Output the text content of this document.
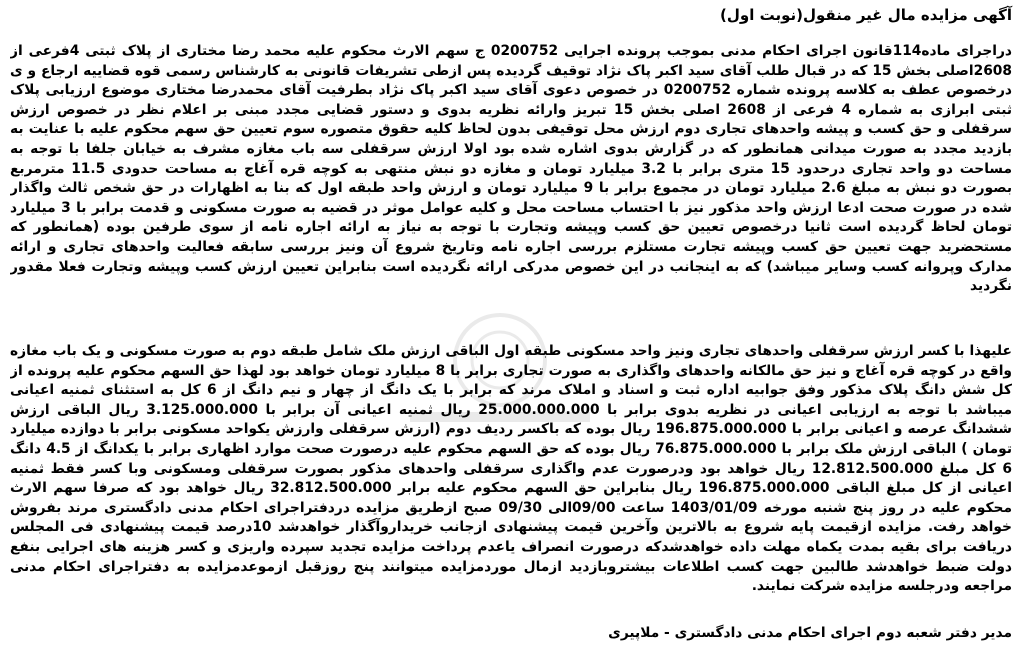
آگهی مزایده مال غیر منقول(نوبت اول)

دراجرای ماده114قانون اجرای احکام مدنی بموجب پرونده اجرایی 0200752 ج سهم الارث محکوم علیه محمد رضا مختاری از پلاک ثبتی 4فرعی از 2608اصلی بخش 15 که در قبال طلب آقای سید اکبر پاک نژاد توقیف گردیده پس ازطی تشریفات قانونی به کارشناس رسمی قوه قضاییه ارجاع و ی درخصوص عطف به کلاسه پرونده شماره 0200752 در خصوص دعوی آقای سید اکبر پاک نژاد بطرفیت آقای محمدرضا مختاری موضوع ارزیابی پلاک ثبتی ابرازی به شماره 4 فرعی از 2608 اصلی بخش 15 تبریز وارائه نظریه بدوی و دستور قضایی مجدد مبنی بر اعلام نظر در خصوص ارزش سرقفلی و حق کسب و پیشه واحدهای تجاری دوم ارزش محل توقیفی بدون لحاظ کلیه حقوق متصوره سوم تعیین حق سهم محکوم علیه با عنایت به بازدید مجدد به صورت میدانی همانطور که در گزارش بدوی اشاره شده بود اولا ارزش سرقفلی سه باب مغازه مشرف به خیابان جلفا با توجه به مساحت دو واحد تجاری درحدود 15 متری برابر با 3.2 میلیارد تومان و مغازه دو نبش منتهی به کوچه قره آغاج به مساحت حدودی 11.5 مترمربع بصورت دو نبش به مبلغ 2.6 میلیارد تومان در مجموع برابر با 9 میلیارد تومان و ارزش واحد طبقه اول که بنا به اظهارات در حق شخص ثالث واگذار شده در صورت صحت ادعا ارزش واحد مذکور نیز با احتساب مساحت محل و کلیه عوامل موثر در قضیه به صورت مسکونی و قدمت برابر با 3 میلیارد تومان لحاظ گردیده است ثانیا درخصوص تعیین حق کسب وپیشه وتجارت با توجه به نیاز به ارائه اجاره نامه از سوی طرفین بوده (همانطور که مستحضرید جهت تعیین حق کسب وپیشه تجارت مستلزم بررسی اجاره نامه وتاریخ شروع آن ونیز بررسی سابقه فعالیت واحدهای تجاری و ارائه مدارک وپروانه کسب وسایر میباشد) که به اینجانب در این خصوص مدرکی ارائه نگردیده است بنابراین تعیین ارزش کسب وپیشه وتجارت فعلا مقدور نگردید

علیهذا با کسر ارزش سرقفلی واحدهای تجاری ونیز واحد مسکونی طبقه اول الباقی ارزش ملک شامل طبقه دوم به صورت مسکونی و یک باب مغازه واقع در کوچه قره آغاج و نیز حق مالکانه واحدهای واگذاری به صورت تجاری برابر با 8 میلیارد تومان خواهد بود لهذا حق السهم محکوم علیه پرونده از کل شش دانگ پلاک مذکور وفق جوابیه اداره ثبت و اسناد و املاک مرند که برابر با یک دانگ از چهار و نیم دانگ از 6 کل به استثنای ثمنیه اعیانی میباشد با توجه به ارزیابی اعیانی در نظریه بدوی برابر با 25.000.000.000 ریال ثمنیه اعیانی آن برابر با 3.125.000.000 ریال الباقی ارزش ششدانگ عرصه و اعیانی برابر با 196.875.000.000 ریال بوده که باکسر ردیف دوم (ارزش سرقفلی وارزش یکواحد مسکونی برابر با دوازده میلیارد تومان ) الباقی ارزش ملک برابر با 76.875.000.000 ریال بوده که حق السهم محکوم علیه درصورت صحت موارد اظهاری برابر با یکدانگ از 4.5 دانگ 6 کل مبلغ 12.812.500.000 ریال خواهد بود ودرصورت عدم واگذاری سرقفلی واحدهای مذکور بصورت سرقفلی ومسکونی وبا کسر فقط ثمنیه اعیانی از کل مبلغ الباقی 196.875.000.000 ریال بنابراین حق السهم محکوم علیه برابر 32.812.500.000 ریال خواهد بود که صرفا سهم الارث محکوم علیه در روز پنج شنبه مورخه 1403/01/09 ساعت 09/00الی 09/30 صبح ازطریق مزایده دردفتراجرای احکام مدنی دادگستری مرند بفروش خواهد رفت. مزایده ازقیمت پایه شروع به بالاترین وآخرین قیمت پیشنهادی ازجانب خریداروآگذار خواهدشد 10درصد قیمت پیشنهادی فی المجلس دریافت برای بقیه بمدت یکماه مهلت داده خواهدشدکه درصورت انصراف یاعدم پرداخت مزایده تجدید سپرده واریزی و کسر هزینه های اجرایی بنفع دولت ضبط خواهدشد طالبین جهت کسب اطلاعات بیشتروبازدید ازمال موردمزایده میتوانند پنج روزقبل ازموعدمزایده به دفتراجرای احکام مدنی مراجعه ودرجلسه مزایده شرکت نمایند.

مدیر دفتر شعبه دوم اجرای احکام مدنی دادگستری - ملاپیری
